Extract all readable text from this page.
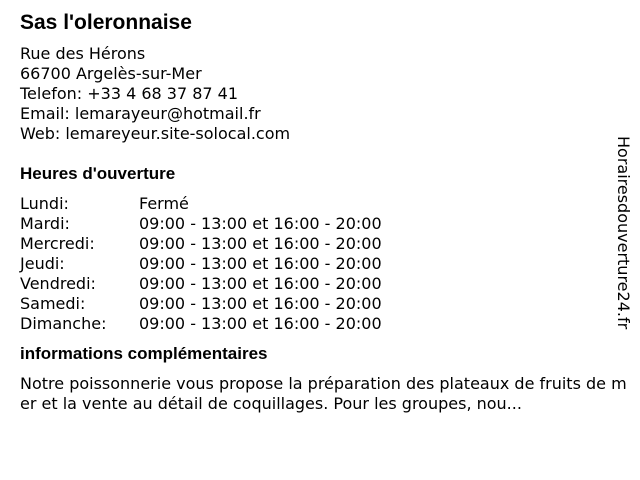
Sas l'oleronnaise
Rue des Hérons
66700 Argelès-sur-Mer
Telefon: +33 4 68 37 87 41
Email: lemarayeur@hotmail.fr
Web: lemareyeur.site-solocal.com
Heures d'ouverture
Lundi:	Fermé
Mardi:	09:00 - 13:00 et 16:00 - 20:00
Mercredi:	09:00 - 13:00 et 16:00 - 20:00
Jeudi:	09:00 - 13:00 et 16:00 - 20:00
Vendredi:	09:00 - 13:00 et 16:00 - 20:00
Samedi:	09:00 - 13:00 et 16:00 - 20:00
Dimanche: 09:00 - 13:00 et 16:00 - 20:00
informations complémentaires
Notre poissonnerie vous propose la préparation des plateaux de fruits de mer et la vente au détail de coquillages. Pour les groupes, nou...
Horairesdouverture24.fr
